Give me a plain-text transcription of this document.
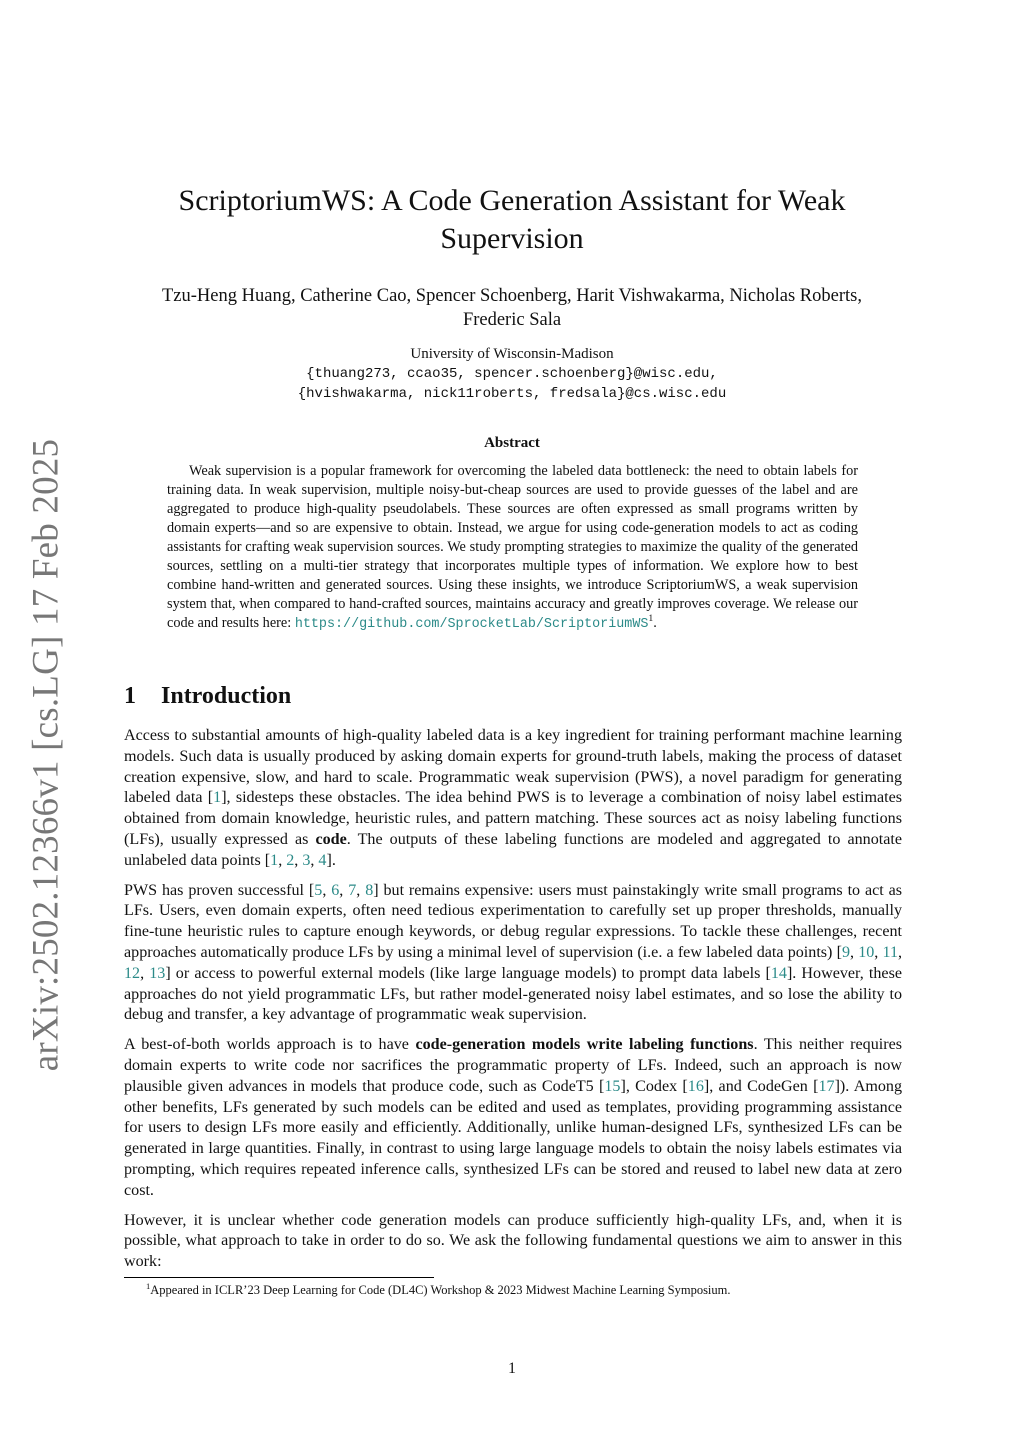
arXiv:2502.12366v1 [cs.LG] 17 Feb 2025
ScriptoriumWS: A Code Generation Assistant for Weak
Supervision
Tzu-Heng Huang, Catherine Cao, Spencer Schoenberg, Harit Vishwakarma, Nicholas Roberts,
Frederic Sala
University of Wisconsin-Madison
{thuang273, ccao35, spencer.schoenberg}@wisc.edu,
{hvishwakarma, nick11roberts, fredsala}@cs.wisc.edu
Abstract

Weak supervision is a popular framework for overcoming the labeled data bottleneck: the need to obtain labels for training data. In weak supervision, multiple noisy-but-cheap sources are used to provide guesses of the label and are aggregated to produce high-quality pseudolabels. These sources are often expressed as small programs written by domain experts—and so are expensive to obtain. Instead, we argue for using code-generation models to act as coding assistants for crafting weak supervision sources. We study prompting strategies to maximize the quality of the generated sources, settling on a multi-tier strategy that incorporates multiple types of information. We explore how to best combine hand-written and generated sources. Using these insights, we introduce ScriptoriumWS, a weak supervision system that, when compared to hand-crafted sources, maintains accuracy and greatly improves coverage. We release our code and results here: https://github.com/SprocketLab/ScriptoriumWS$^1$.

1 Introduction

Access to substantial amounts of high-quality labeled data is a key ingredient for training performant machine learning models. Such data is usually produced by asking domain experts for ground-truth labels, making the process of dataset creation expensive, slow, and hard to scale. Programmatic weak supervision (PWS), a novel paradigm for generating labeled data [1], sidesteps these obstacles. The idea behind PWS is to leverage a combination of noisy label estimates obtained from domain knowledge, heuristic rules, and pattern matching. These sources act as noisy labeling functions (LFs), usually expressed as code. The outputs of these labeling functions are modeled and aggregated to annotate unlabeled data points [1, 2, 3, 4].

PWS has proven successful [5, 6, 7, 8] but remains expensive: users must painstakingly write small programs to act as LFs. Users, even domain experts, often need tedious experimentation to carefully set up proper thresholds, manually fine-tune heuristic rules to capture enough keywords, or debug regular expressions. To tackle these challenges, recent approaches automatically produce LFs by using a minimal level of supervision (i.e. a few labeled data points) [9, 10, 11, 12, 13] or access to powerful external models (like large language models) to prompt data labels [14]. However, these approaches do not yield programmatic LFs, but rather model-generated noisy label estimates, and so lose the ability to debug and transfer, a key advantage of programmatic weak supervision.

A best-of-both worlds approach is to have code-generation models write labeling functions. This neither requires domain experts to write code nor sacrifices the programmatic property of LFs. Indeed, such an approach is now plausible given advances in models that produce code, such as CodeT5 [15], Codex [16], and CodeGen [17]). Among other benefits, LFs generated by such models can be edited and used as templates, providing programming assistance for users to design LFs more easily and efficiently. Additionally, unlike human-designed LFs, synthesized LFs can be generated in large quantities. Finally, in contrast to using large language models to obtain the noisy labels estimates via prompting, which requires repeated inference calls, synthesized LFs can be stored and reused to label new data at zero cost.

However, it is unclear whether code generation models can produce sufficiently high-quality LFs, and, when it is possible, what approach to take in order to do so. We ask the following fundamental questions we aim to answer in this work:

$^1$Appeared in ICLR’23 Deep Learning for Code (DL4C) Workshop & 2023 Midwest Machine Learning Symposium.
1
